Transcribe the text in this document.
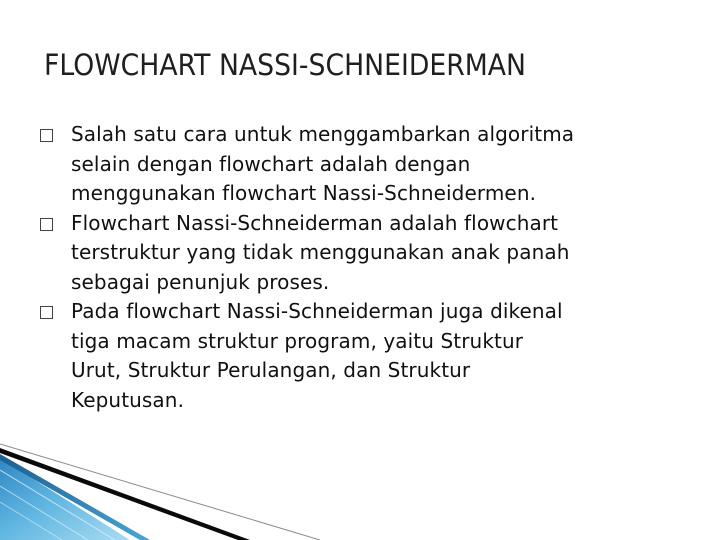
FLOWCHART NASSI-SCHNEIDERMAN
Salah satu cara untuk menggambarkan algoritma
selain dengan flowchart adalah dengan
menggunakan flowchart Nassi-Schneidermen.
Flowchart Nassi-Schneiderman adalah flowchart
terstruktur yang tidak menggunakan anak panah
sebagai penunjuk proses.
Pada flowchart Nassi-Schneiderman juga dikenal
tiga macam struktur program, yaitu Struktur
Urut, Struktur Perulangan, dan Struktur
Keputusan.
